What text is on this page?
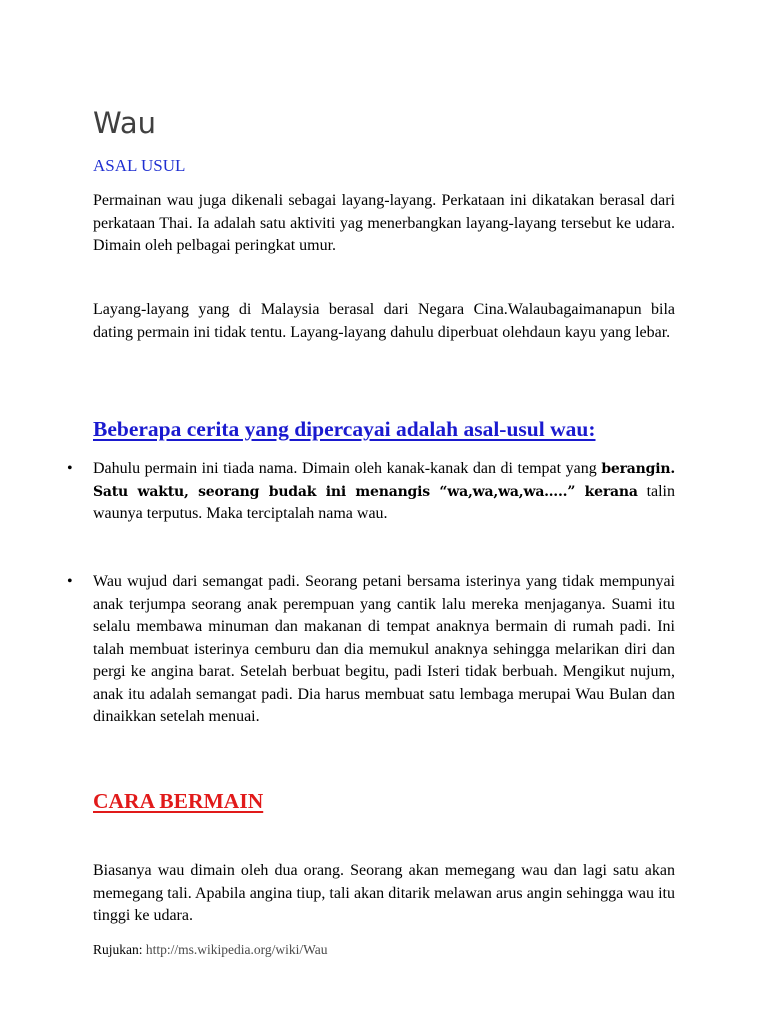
Wau
ASAL USUL

Permainan wau juga dikenali sebagai layang-layang. Perkataan ini dikatakan berasal dari perkataan Thai. Ia adalah satu aktiviti yag menerbangkan layang-layang tersebut ke udara. Dimain oleh pelbagai peringkat umur.

Layang-layang yang di Malaysia berasal dari Negara Cina.Walaubagaimanapun bila dating permain ini tidak tentu. Layang-layang dahulu diperbuat olehdaun kayu yang lebar.

Beberapa cerita yang dipercayai adalah asal-usul wau:
• Dahulu permain ini tiada nama. Dimain oleh kanak-kanak dan di tempat yang berangin. Satu waktu, seorang budak ini menangis “wa,wa,wa,wa…..” kerana talin waunya terputus. Maka terciptalah nama wau.
• Wau wujud dari semangat padi. Seorang petani bersama isterinya yang tidak mempunyai anak terjumpa seorang anak perempuan yang cantik lalu mereka menjaganya. Suami itu selalu membawa minuman dan makanan di tempat anaknya bermain di rumah padi. Ini talah membuat isterinya cemburu dan dia memukul anaknya sehingga melarikan diri dan pergi ke angina barat. Setelah berbuat begitu, padi Isteri tidak berbuah. Mengikut nujum, anak itu adalah semangat padi. Dia harus membuat satu lembaga merupai Wau Bulan dan dinaikkan setelah menuai.
CARA BERMAIN

Biasanya wau dimain oleh dua orang. Seorang akan memegang wau dan lagi satu akan memegang tali. Apabila angina tiup, tali akan ditarik melawan arus angin sehingga wau itu tinggi ke udara.

Rujukan: http://ms.wikipedia.org/wiki/Wau
